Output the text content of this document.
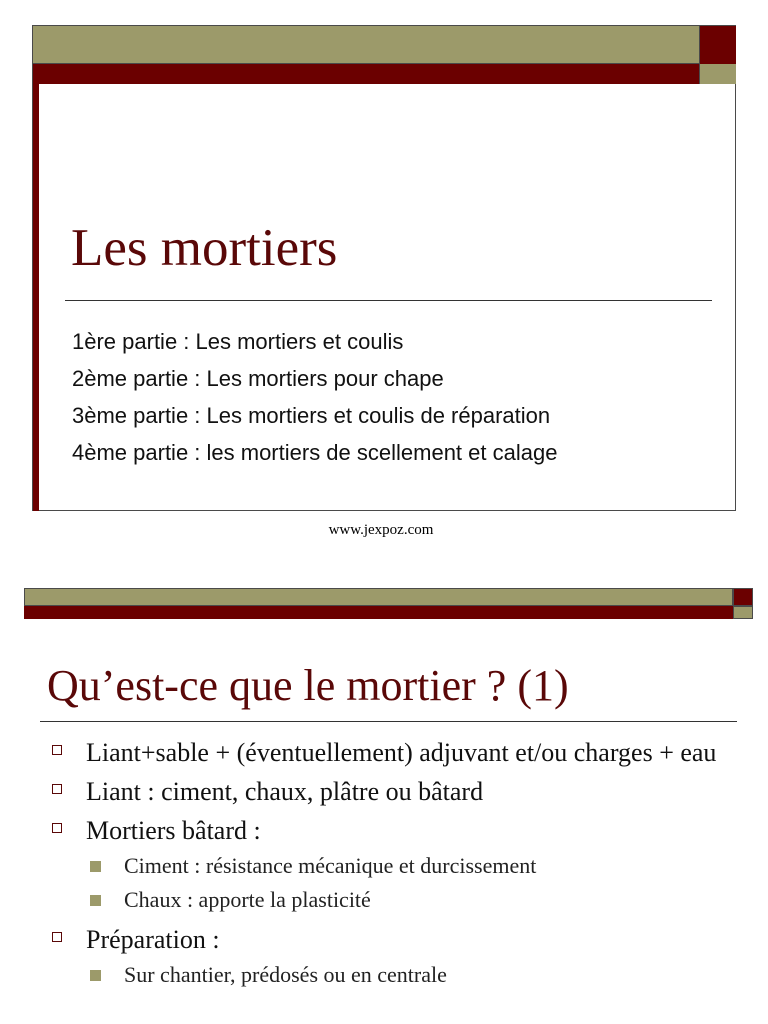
Les mortiers
1ère partie : Les mortiers et coulis
2ème partie : Les mortiers pour chape
3ème partie : Les mortiers et coulis de réparation
4ème partie : les mortiers de scellement et calage
www.jexpoz.com
Qu’est-ce que le mortier ? (1)
Liant+sable + (éventuellement) adjuvant et/ou charges + eau
Liant : ciment, chaux, plâtre ou bâtard
Mortiers bâtard :
Ciment : résistance mécanique et durcissement
Chaux : apporte la plasticité
Préparation :
Sur chantier, prédosés ou en centrale
